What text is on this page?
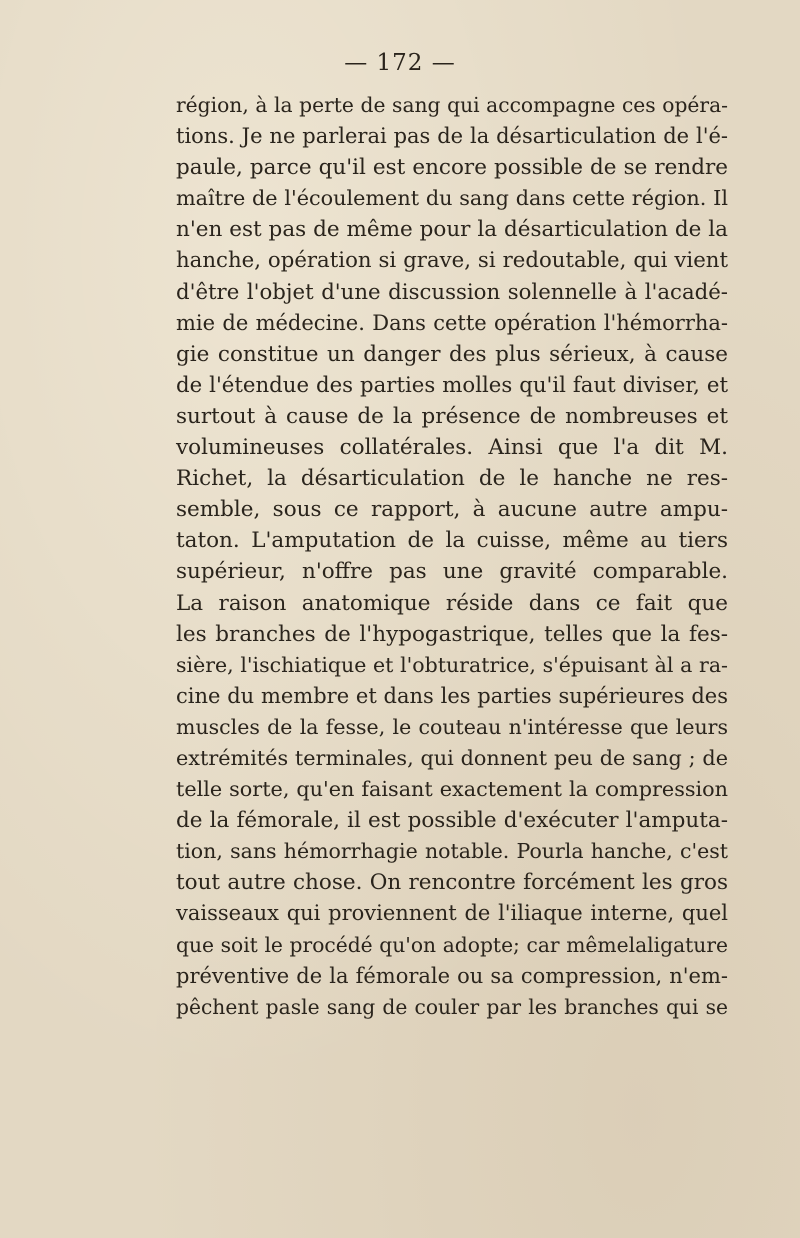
— 172 —
région, à la perte de sang qui accompagne ces opéra-
tions. Je ne parlerai pas de la désarticulation de l'é-
paule, parce qu'il est encore possible de se rendre
maître de l'écoulement du sang dans cette région. Il
n'en est pas de même pour la désarticulation de la
hanche, opération si grave, si redoutable, qui vient
d'être l'objet d'une discussion solennelle à l'acadé-
mie de médecine. Dans cette opération l'hémorrha-
gie constitue un danger des plus sérieux, à cause
de l'étendue des parties molles qu'il faut diviser, et
surtout à cause de la présence de nombreuses et
volumineuses collatérales. Ainsi que l'a dit M.
Richet, la désarticulation de le hanche ne res-
semble, sous ce rapport, à aucune autre ampu-
taton. L'amputation de la cuisse, même au tiers
supérieur, n'offre pas une gravité comparable.
La raison anatomique réside dans ce fait que
les branches de l'hypogastrique, telles que la fes-
sière, l'ischiatique et l'obturatrice, s'épuisant àl a ra-
cine du membre et dans les parties supérieures des
muscles de la fesse, le couteau n'intéresse que leurs
extrémités terminales, qui donnent peu de sang ; de
telle sorte, qu'en faisant exactement la compression
de la fémorale, il est possible d'exécuter l'amputa-
tion, sans hémorrhagie notable. Pourla hanche, c'est
tout autre chose. On rencontre forcément les gros
vaisseaux qui proviennent de l'iliaque interne, quel
que soit le procédé qu'on adopte; car mêmelaligature
préventive de la fémorale ou sa compression, n'em-
pêchent pasle sang de couler par les branches qui se
